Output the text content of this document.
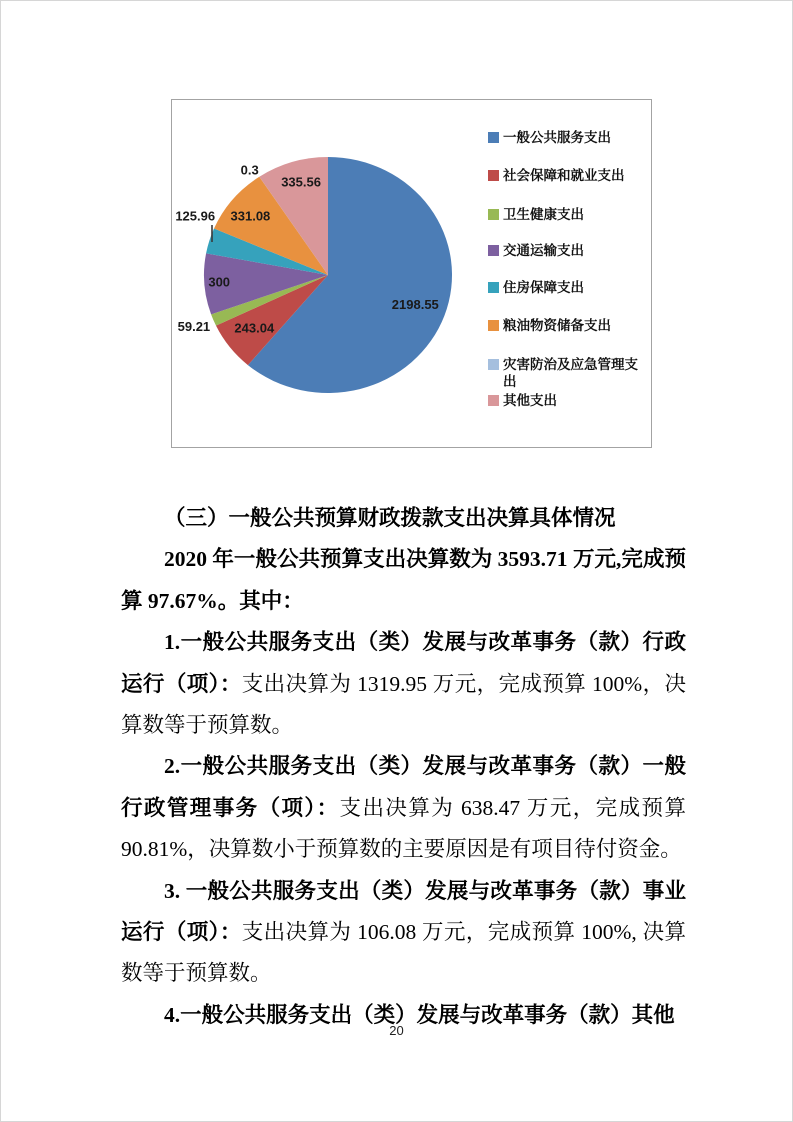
2198.55
243.04
59.21
300
125.96 331.08
0.3
335.56
一般公共服务支出
社会保障和就业支出
卫生健康支出
交通运输支出
住房保障支出
粮油物资储备支出
灾害防治及应急管理支出
其他支出

（三）一般公共预算财政拨款支出决算具体情况

2020 年一般公共预算支出决算数为 3593.71 万元,完成预算 97.67%。其中：

1.一般公共服务支出（类）发展与改革事务（款）行政运行（项）：支出决算为 1319.95 万元，完成预算 100%，决算数等于预算数。

2.一般公共服务支出（类）发展与改革事务（款）一般行政管理事务（项）：支出决算为 638.47 万元，完成预算 90.81%，决算数小于预算数的主要原因是有项目待付资金。

3. 一般公共服务支出（类）发展与改革事务（款）事业运行（项）：支出决算为 106.08 万元，完成预算 100%, 决算数等于预算数。

4.一般公共服务支出（类）发展与改革事务（款）其他

20
